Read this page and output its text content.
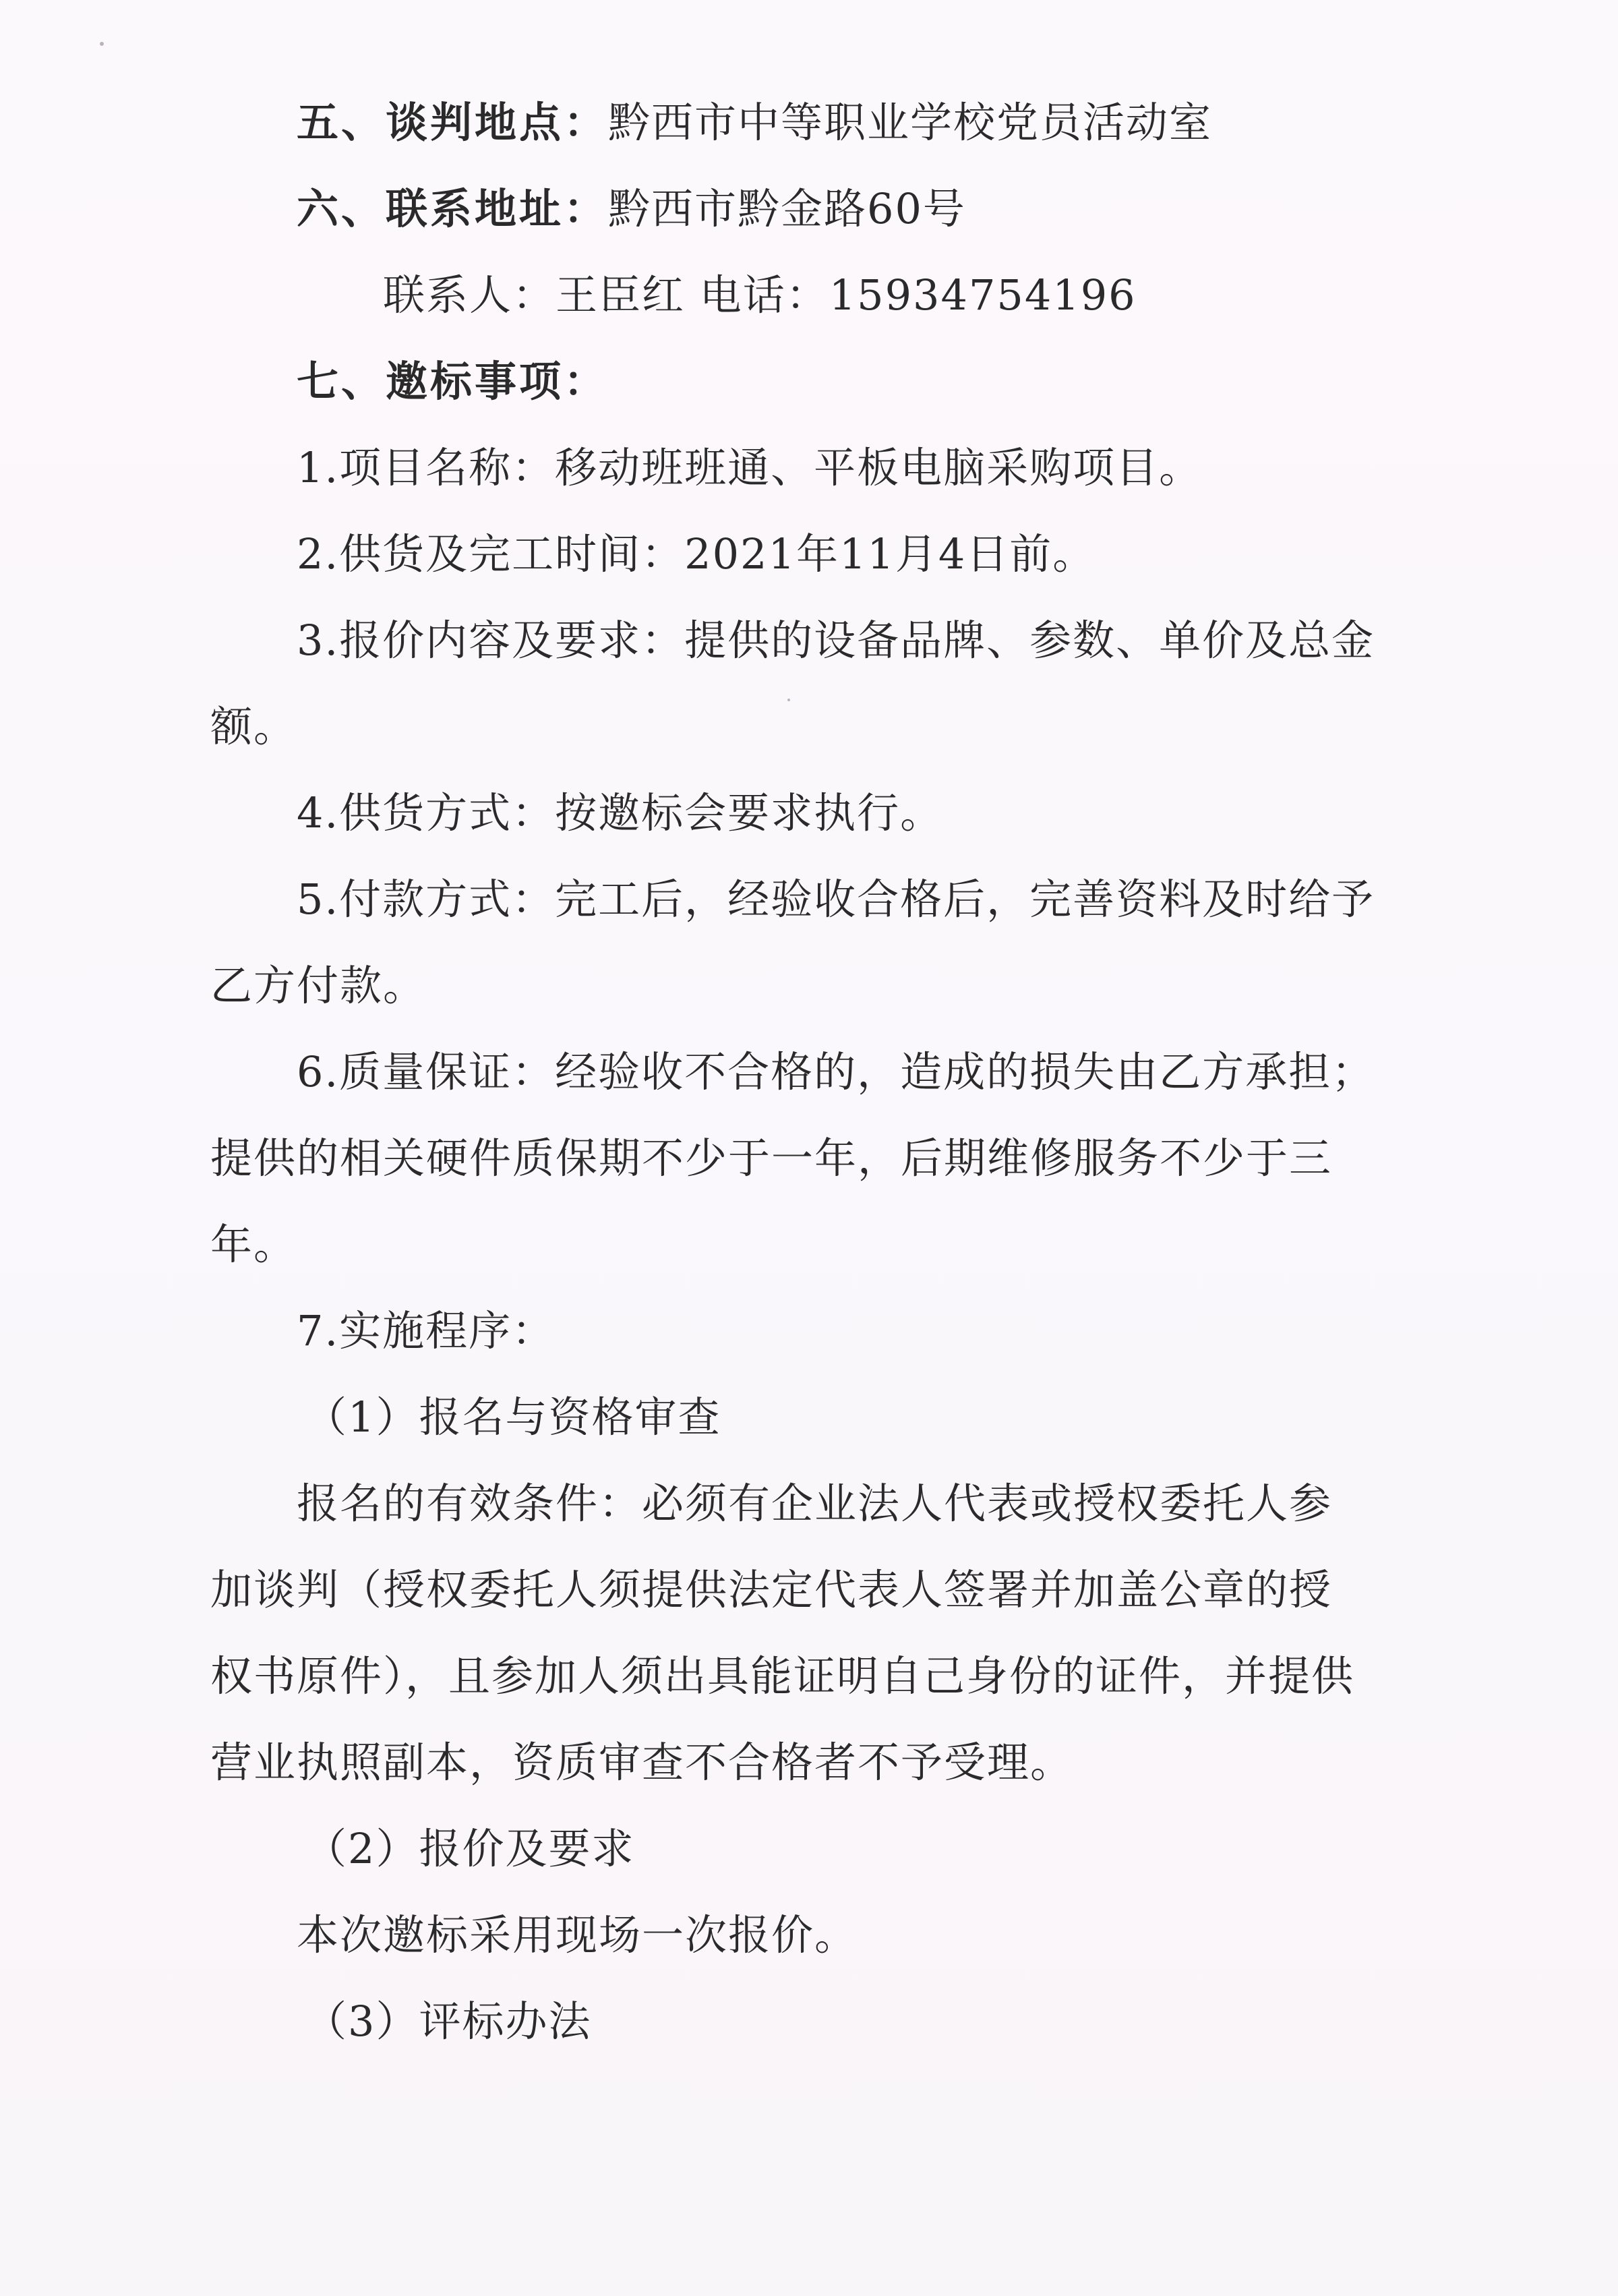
五、谈判地点：黔西市中等职业学校党员活动室
六、联系地址：黔西市黔金路60号
联系人：王臣红 电话：15934754196
七、邀标事项：
1.项目名称：移动班班通、平板电脑采购项目。
2.供货及完工时间：2021年11月4日前。
3.报价内容及要求：提供的设备品牌、参数、单价及总金
额。
4.供货方式：按邀标会要求执行。
5.付款方式：完工后，经验收合格后，完善资料及时给予
乙方付款。
6.质量保证：经验收不合格的，造成的损失由乙方承担；
提供的相关硬件质保期不少于一年，后期维修服务不少于三
年。
7.实施程序：
（1）报名与资格审查
报名的有效条件：必须有企业法人代表或授权委托人参
加谈判（授权委托人须提供法定代表人签署并加盖公章的授
权书原件），且参加人须出具能证明自己身份的证件，并提供
营业执照副本，资质审查不合格者不予受理。
（2）报价及要求
本次邀标采用现场一次报价。
（3）评标办法
